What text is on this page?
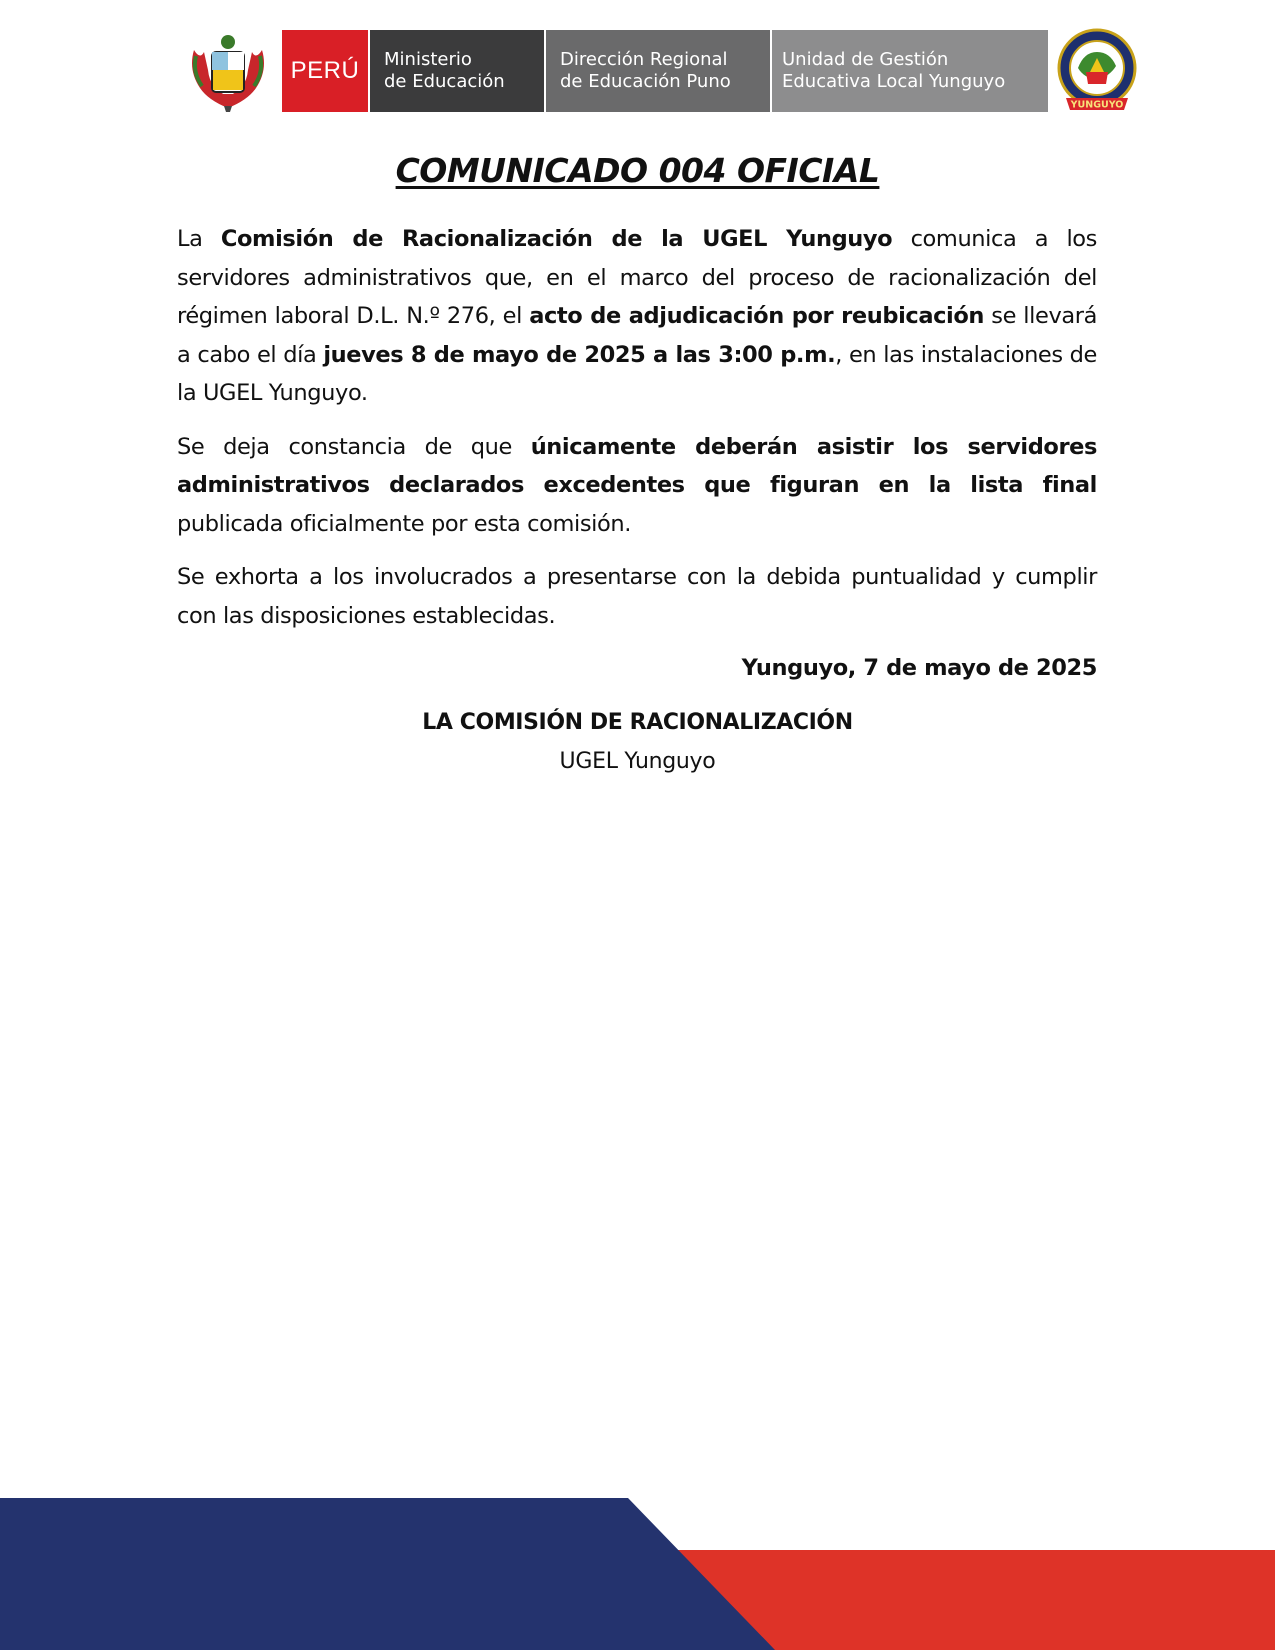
PERÚ	Ministerio
de Educación
Dirección Regional
de Educación Puno
Unidad de Gestión
Educativa Local Yunguyo
YUNGUYO
COMUNICADO 004 OFICIAL

La Comisión de Racionalización de la UGEL Yunguyo comunica a los servidores administrativos que, en el marco del proceso de racionalización del régimen laboral D.L. N.º 276, el acto de adjudicación por reubicación se llevará a cabo el día jueves 8 de mayo de 2025 a las 3:00 p.m., en las instalaciones de la UGEL Yunguyo.

Se deja constancia de que únicamente deberán asistir los servidores administrativos declarados excedentes que figuran en la lista final publicada oficialmente por esta comisión.

Se exhorta a los involucrados a presentarse con la debida puntualidad y cumplir con las disposiciones establecidas.

Yunguyo, 7 de mayo de 2025
LA COMISIÓN DE RACIONALIZACIÓN
UGEL Yunguyo
